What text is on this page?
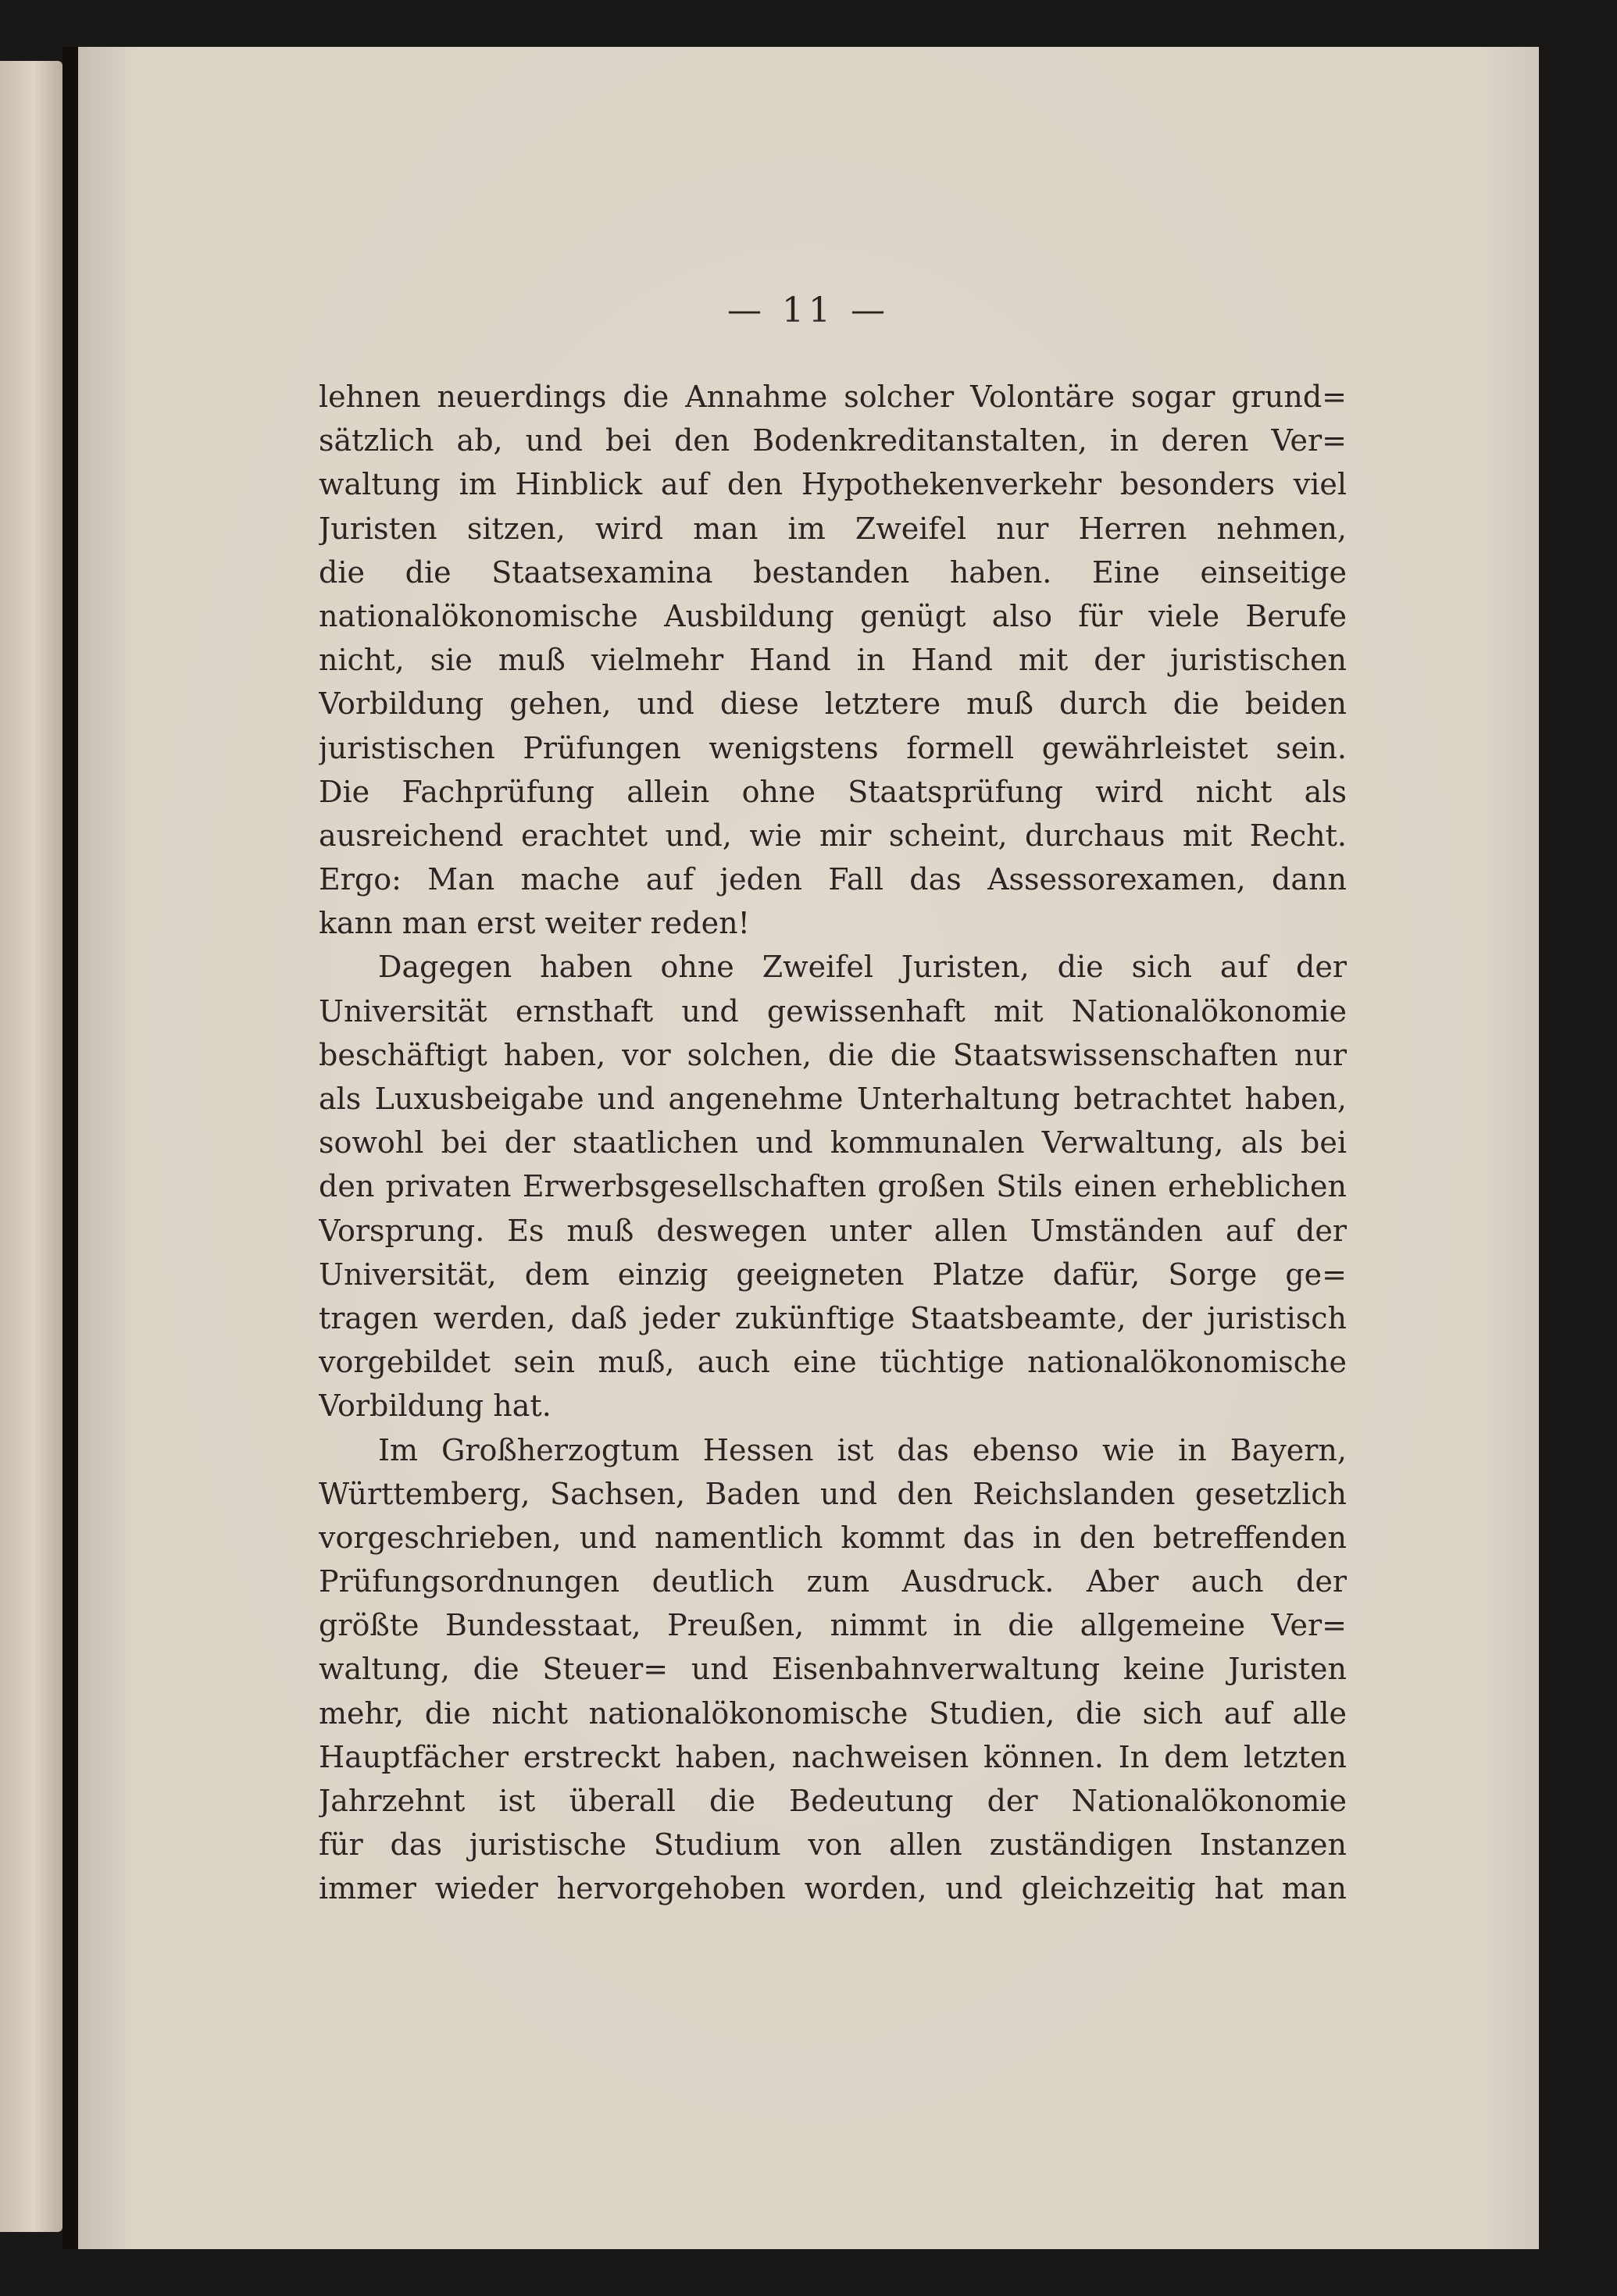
— 11 —
lehnen neuerdings die Annahme solcher Volontäre sogar grund=
sätzlich ab, und bei den Bodenkreditanstalten, in deren Ver=
waltung im Hinblick auf den Hypothekenverkehr besonders viel
Juristen sitzen, wird man im Zweifel nur Herren nehmen,
die die Staatsexamina bestanden haben. Eine einseitige
nationalökonomische Ausbildung genügt also für viele Berufe
nicht, sie muß vielmehr Hand in Hand mit der juristischen
Vorbildung gehen, und diese letztere muß durch die beiden
juristischen Prüfungen wenigstens formell gewährleistet sein.
Die Fachprüfung allein ohne Staatsprüfung wird nicht als
ausreichend erachtet und, wie mir scheint, durchaus mit Recht.
Ergo: Man mache auf jeden Fall das Assessorexamen, dann
kann man erst weiter reden!
Dagegen haben ohne Zweifel Juristen, die sich auf der
Universität ernsthaft und gewissenhaft mit Nationalökonomie
beschäftigt haben, vor solchen, die die Staatswissenschaften nur
als Luxusbeigabe und angenehme Unterhaltung betrachtet haben,
sowohl bei der staatlichen und kommunalen Verwaltung, als bei
den privaten Erwerbsgesellschaften großen Stils einen erheblichen
Vorsprung. Es muß deswegen unter allen Umständen auf der
Universität, dem einzig geeigneten Platze dafür, Sorge ge=
tragen werden, daß jeder zukünftige Staatsbeamte, der juristisch
vorgebildet sein muß, auch eine tüchtige nationalökonomische
Vorbildung hat.
Im Großherzogtum Hessen ist das ebenso wie in Bayern,
Württemberg, Sachsen, Baden und den Reichslanden gesetzlich
vorgeschrieben, und namentlich kommt das in den betreffenden
Prüfungsordnungen deutlich zum Ausdruck. Aber auch der
größte Bundesstaat, Preußen, nimmt in die allgemeine Ver=
waltung, die Steuer= und Eisenbahnverwaltung keine Juristen
mehr, die nicht nationalökonomische Studien, die sich auf alle
Hauptfächer erstreckt haben, nachweisen können. In dem letzten
Jahrzehnt ist überall die Bedeutung der Nationalökonomie
für das juristische Studium von allen zuständigen Instanzen
immer wieder hervorgehoben worden, und gleichzeitig hat man
